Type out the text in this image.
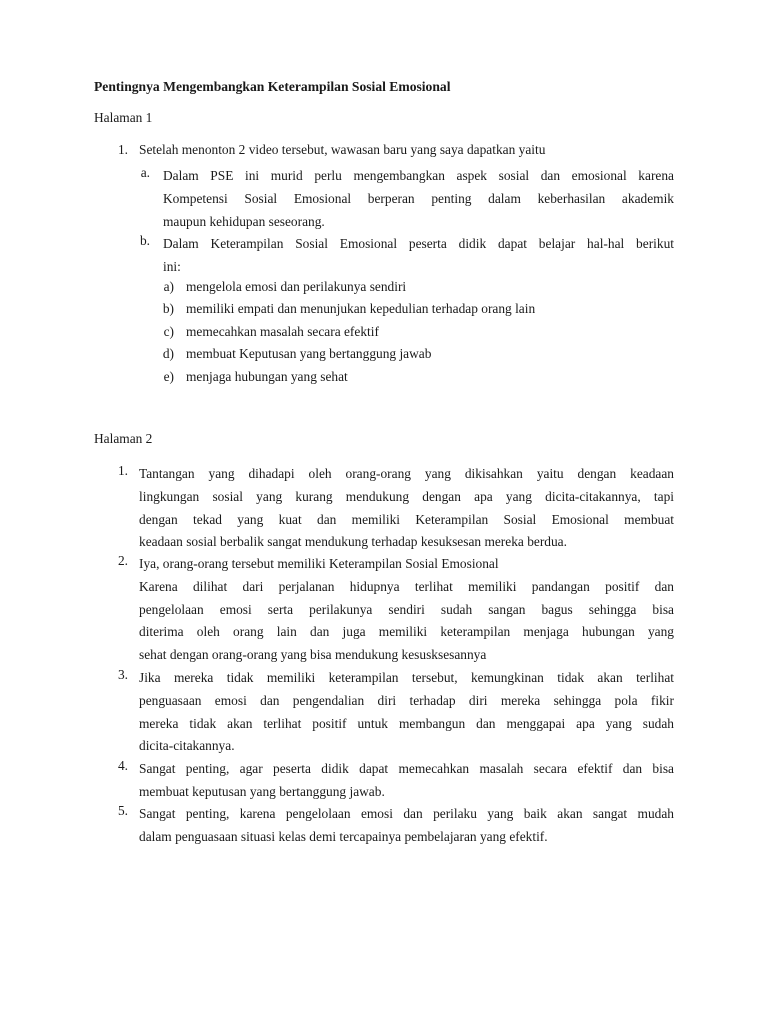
Pentingnya Mengembangkan Keterampilan Sosial Emosional
Halaman 1
1. Setelah menonton 2 video tersebut, wawasan baru yang saya dapatkan yaitu
a. Dalam PSE ini murid perlu mengembangkan aspek sosial dan emosional karena
Kompetensi Sosial Emosional berperan penting dalam keberhasilan akademik
maupun kehidupan seseorang.
b. Dalam Keterampilan Sosial Emosional peserta didik dapat belajar hal-hal berikut
ini:
a) mengelola emosi dan perilakunya sendiri
b) memiliki empati dan menunjukan kepedulian terhadap orang lain
c) memecahkan masalah secara efektif
d) membuat Keputusan yang bertanggung jawab
e) menjaga hubungan yang sehat
Halaman 2
1. Tantangan yang dihadapi oleh orang-orang yang dikisahkan yaitu dengan keadaan
lingkungan sosial yang kurang mendukung dengan apa yang dicita-citakannya, tapi
dengan tekad yang kuat dan memiliki Keterampilan Sosial Emosional membuat
keadaan sosial berbalik sangat mendukung terhadap kesuksesan mereka berdua.
2. Iya, orang-orang tersebut memiliki Keterampilan Sosial Emosional
Karena dilihat dari perjalanan hidupnya terlihat memiliki pandangan positif dan
pengelolaan emosi serta perilakunya sendiri sudah sangan bagus sehingga bisa
diterima oleh orang lain dan juga memiliki keterampilan menjaga hubungan yang
sehat dengan orang-orang yang bisa mendukung kesusksesannya
3. Jika mereka tidak memiliki keterampilan tersebut, kemungkinan tidak akan terlihat
penguasaan emosi dan pengendalian diri terhadap diri mereka sehingga pola fikir
mereka tidak akan terlihat positif untuk membangun dan menggapai apa yang sudah
dicita-citakannya.
4. Sangat penting, agar peserta didik dapat memecahkan masalah secara efektif dan bisa
membuat keputusan yang bertanggung jawab.
5. Sangat penting, karena pengelolaan emosi dan perilaku yang baik akan sangat mudah
dalam penguasaan situasi kelas demi tercapainya pembelajaran yang efektif.
